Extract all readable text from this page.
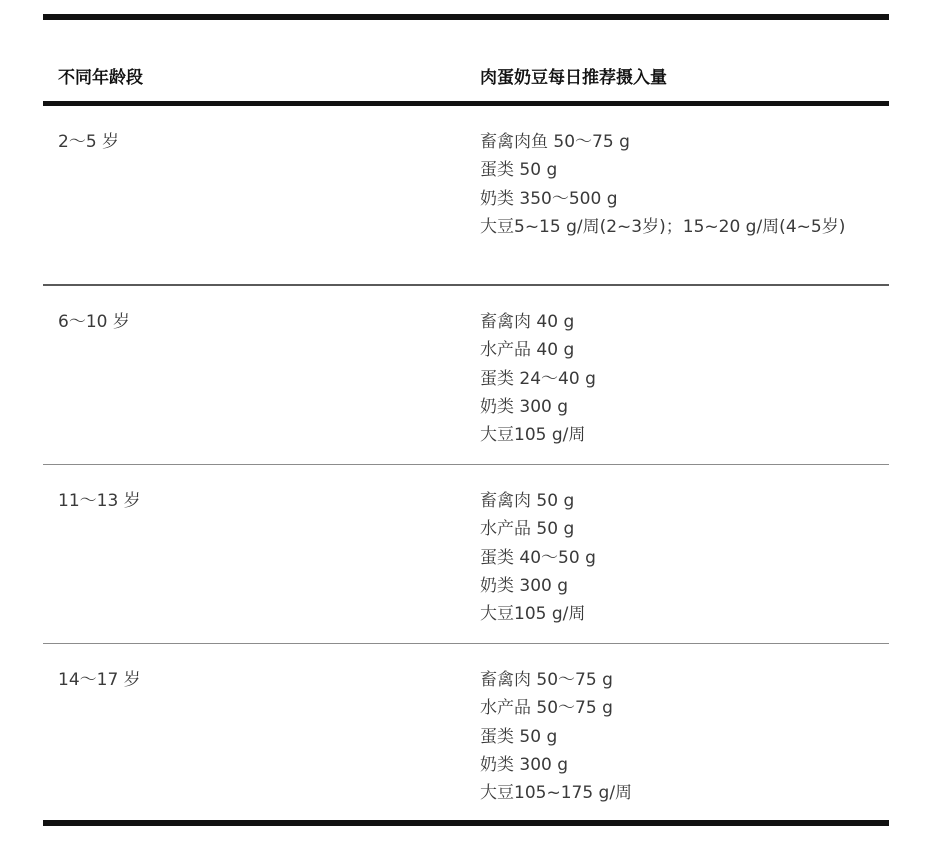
不同年龄段	肉蛋奶豆每日推荐摄入量
2～5 岁	畜禽肉鱼 50～75 g
蛋类 50 g
奶类 350～500 g
大豆5~15 g/周(2~3岁)；15~20 g/周(4~5岁)
6～10 岁	畜禽肉 40 g
水产品 40 g
蛋类 24～40 g
奶类 300 g
大豆105 g/周
11～13 岁	畜禽肉 50 g
水产品 50 g
蛋类 40～50 g
奶类 300 g
大豆105 g/周
14～17 岁	畜禽肉 50～75 g
水产品 50～75 g
蛋类 50 g
奶类 300 g
大豆105~175 g/周
